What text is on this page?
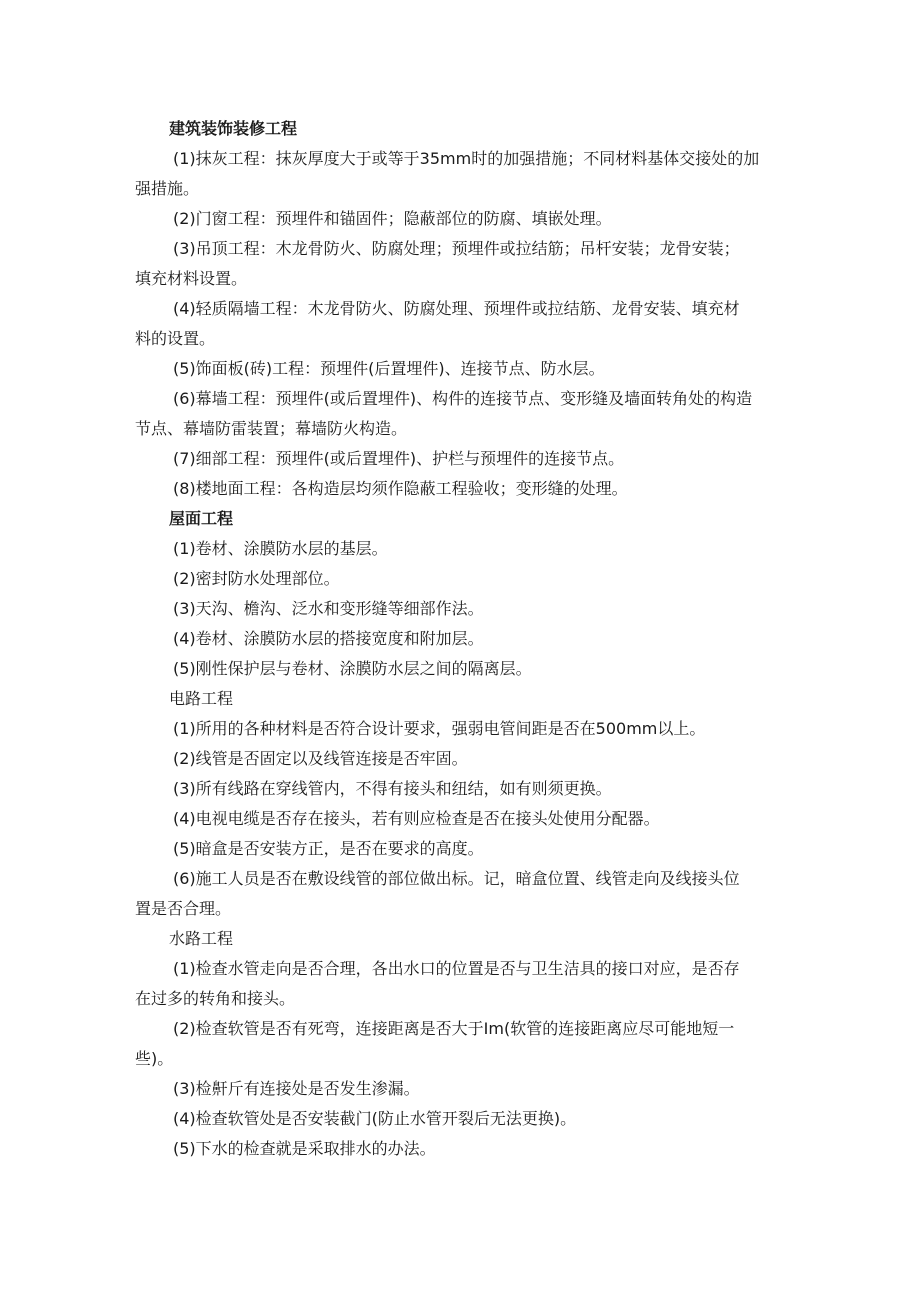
建筑装饰装修工程
(1)抹灰工程：抹灰厚度大于或等于35mm时的加强措施；不同材料基体交接处的加
强措施。
(2)门窗工程：预埋件和锚固件；隐蔽部位的防腐、填嵌处理。
(3)吊顶工程：木龙骨防火、防腐处理；预埋件或拉结筋；吊杆安装；龙骨安装；
填充材料设置。
(4)轻质隔墙工程：木龙骨防火、防腐处理、预埋件或拉结筋、龙骨安装、填充材
料的设置。
(5)饰面板(砖)工程：预埋件(后置埋件)、连接节点、防水层。
(6)幕墙工程：预埋件(或后置埋件)、构件的连接节点、变形缝及墙面转角处的构造
节点、幕墙防雷装置；幕墙防火构造。
(7)细部工程：预埋件(或后置埋件)、护栏与预埋件的连接节点。
(8)楼地面工程：各构造层均须作隐蔽工程验收；变形缝的处理。
屋面工程
(1)卷材、涂膜防水层的基层。
(2)密封防水处理部位。
(3)天沟、檐沟、泛水和变形缝等细部作法。
(4)卷材、涂膜防水层的搭接宽度和附加层。
(5)刚性保护层与卷材、涂膜防水层之间的隔离层。
电路工程
(1)所用的各种材料是否符合设计要求，强弱电管间距是否在500mm以上。
(2)线管是否固定以及线管连接是否牢固。
(3)所有线路在穿线管内，不得有接头和纽结，如有则须更换。
(4)电视电缆是否存在接头，若有则应检查是否在接头处使用分配器。
(5)暗盒是否安装方正，是否在要求的高度。
(6)施工人员是否在敷设线管的部位做出标。记，暗盒位置、线管走向及线接头位
置是否合理。
水路工程
(1)检查水管走向是否合理，各出水口的位置是否与卫生洁具的接口对应，是否存
在过多的转角和接头。
(2)检查软管是否有死弯，连接距离是否大于Im(软管的连接距离应尽可能地短一
些)。
(3)检鼾斤有连接处是否发生渗漏。
(4)检查软管处是否安装截门(防止水管开裂后无法更换)。
(5)下水的检查就是采取排水的办法。
